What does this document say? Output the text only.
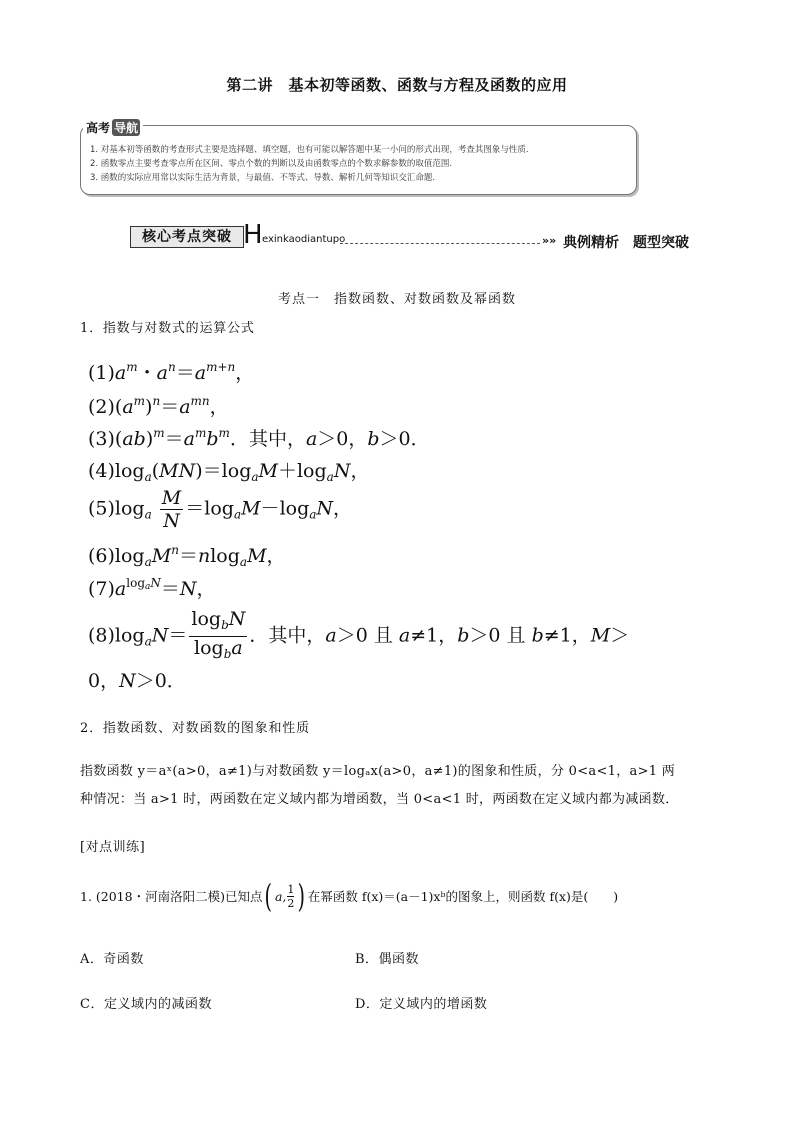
第二讲　基本初等函数、函数与方程及函数的应用
高考 导航
1. 对基本初等函数的考查形式主要是选择题、填空题，也有可能以解答题中某一小问的形式出现，考查其图象与性质.
2. 函数零点主要考查零点所在区间、零点个数的判断以及由函数零点的个数求解参数的取值范围.
3. 函数的实际应用常以实际生活为背景，与最值、不等式、导数、解析几何等知识交汇命题.
核心考点突破 H exinkaodiantupo	»» 典例精析　题型突破
考点一　指数函数、对数函数及幂函数
1．指数与对数式的运算公式
$(1)a^m$・$a^n=a^{m+n}$，
$(2)(a^m)^n=a^{mn}$，
$(3)(ab)^m=a^mb^m$．其中，a＞0，b＞0．
$(4)\log_a(MN)=\log_aM+\log_aN$，
$(5)\log_a \frac{M}{N} =\log_aM-\log_aN$，
$(6)\log_aM^n=nlog_aM$，
$(7)a^{log_aN}=N$，
$(8)\log_aN= \frac{\log_bN}{\log_ba}$ ．其中，a＞0 且 a≠1，b＞0 且 b≠1，M＞
0，N＞0．
2．指数函数、对数函数的图象和性质
指数函数 y＝aˣ(a>0，a≠1)与对数函数 y＝logₐx(a>0，a≠1)的图象和性质，分 0<a<1，a>1 两
种情况：当 a>1 时，两函数在定义域内都为增函数，当 0<a<1 时，两函数在定义域内都为减函数．
[对点训练]
1. (2018・河南洛阳二模)已知点 ( a, 1
2 ) 在幂函数 f(x)＝(a－1)xᵇ的图象上，则函数 f(x)是(　　)
A．奇函数	B．偶函数
C．定义域内的减函数	D．定义域内的增函数
